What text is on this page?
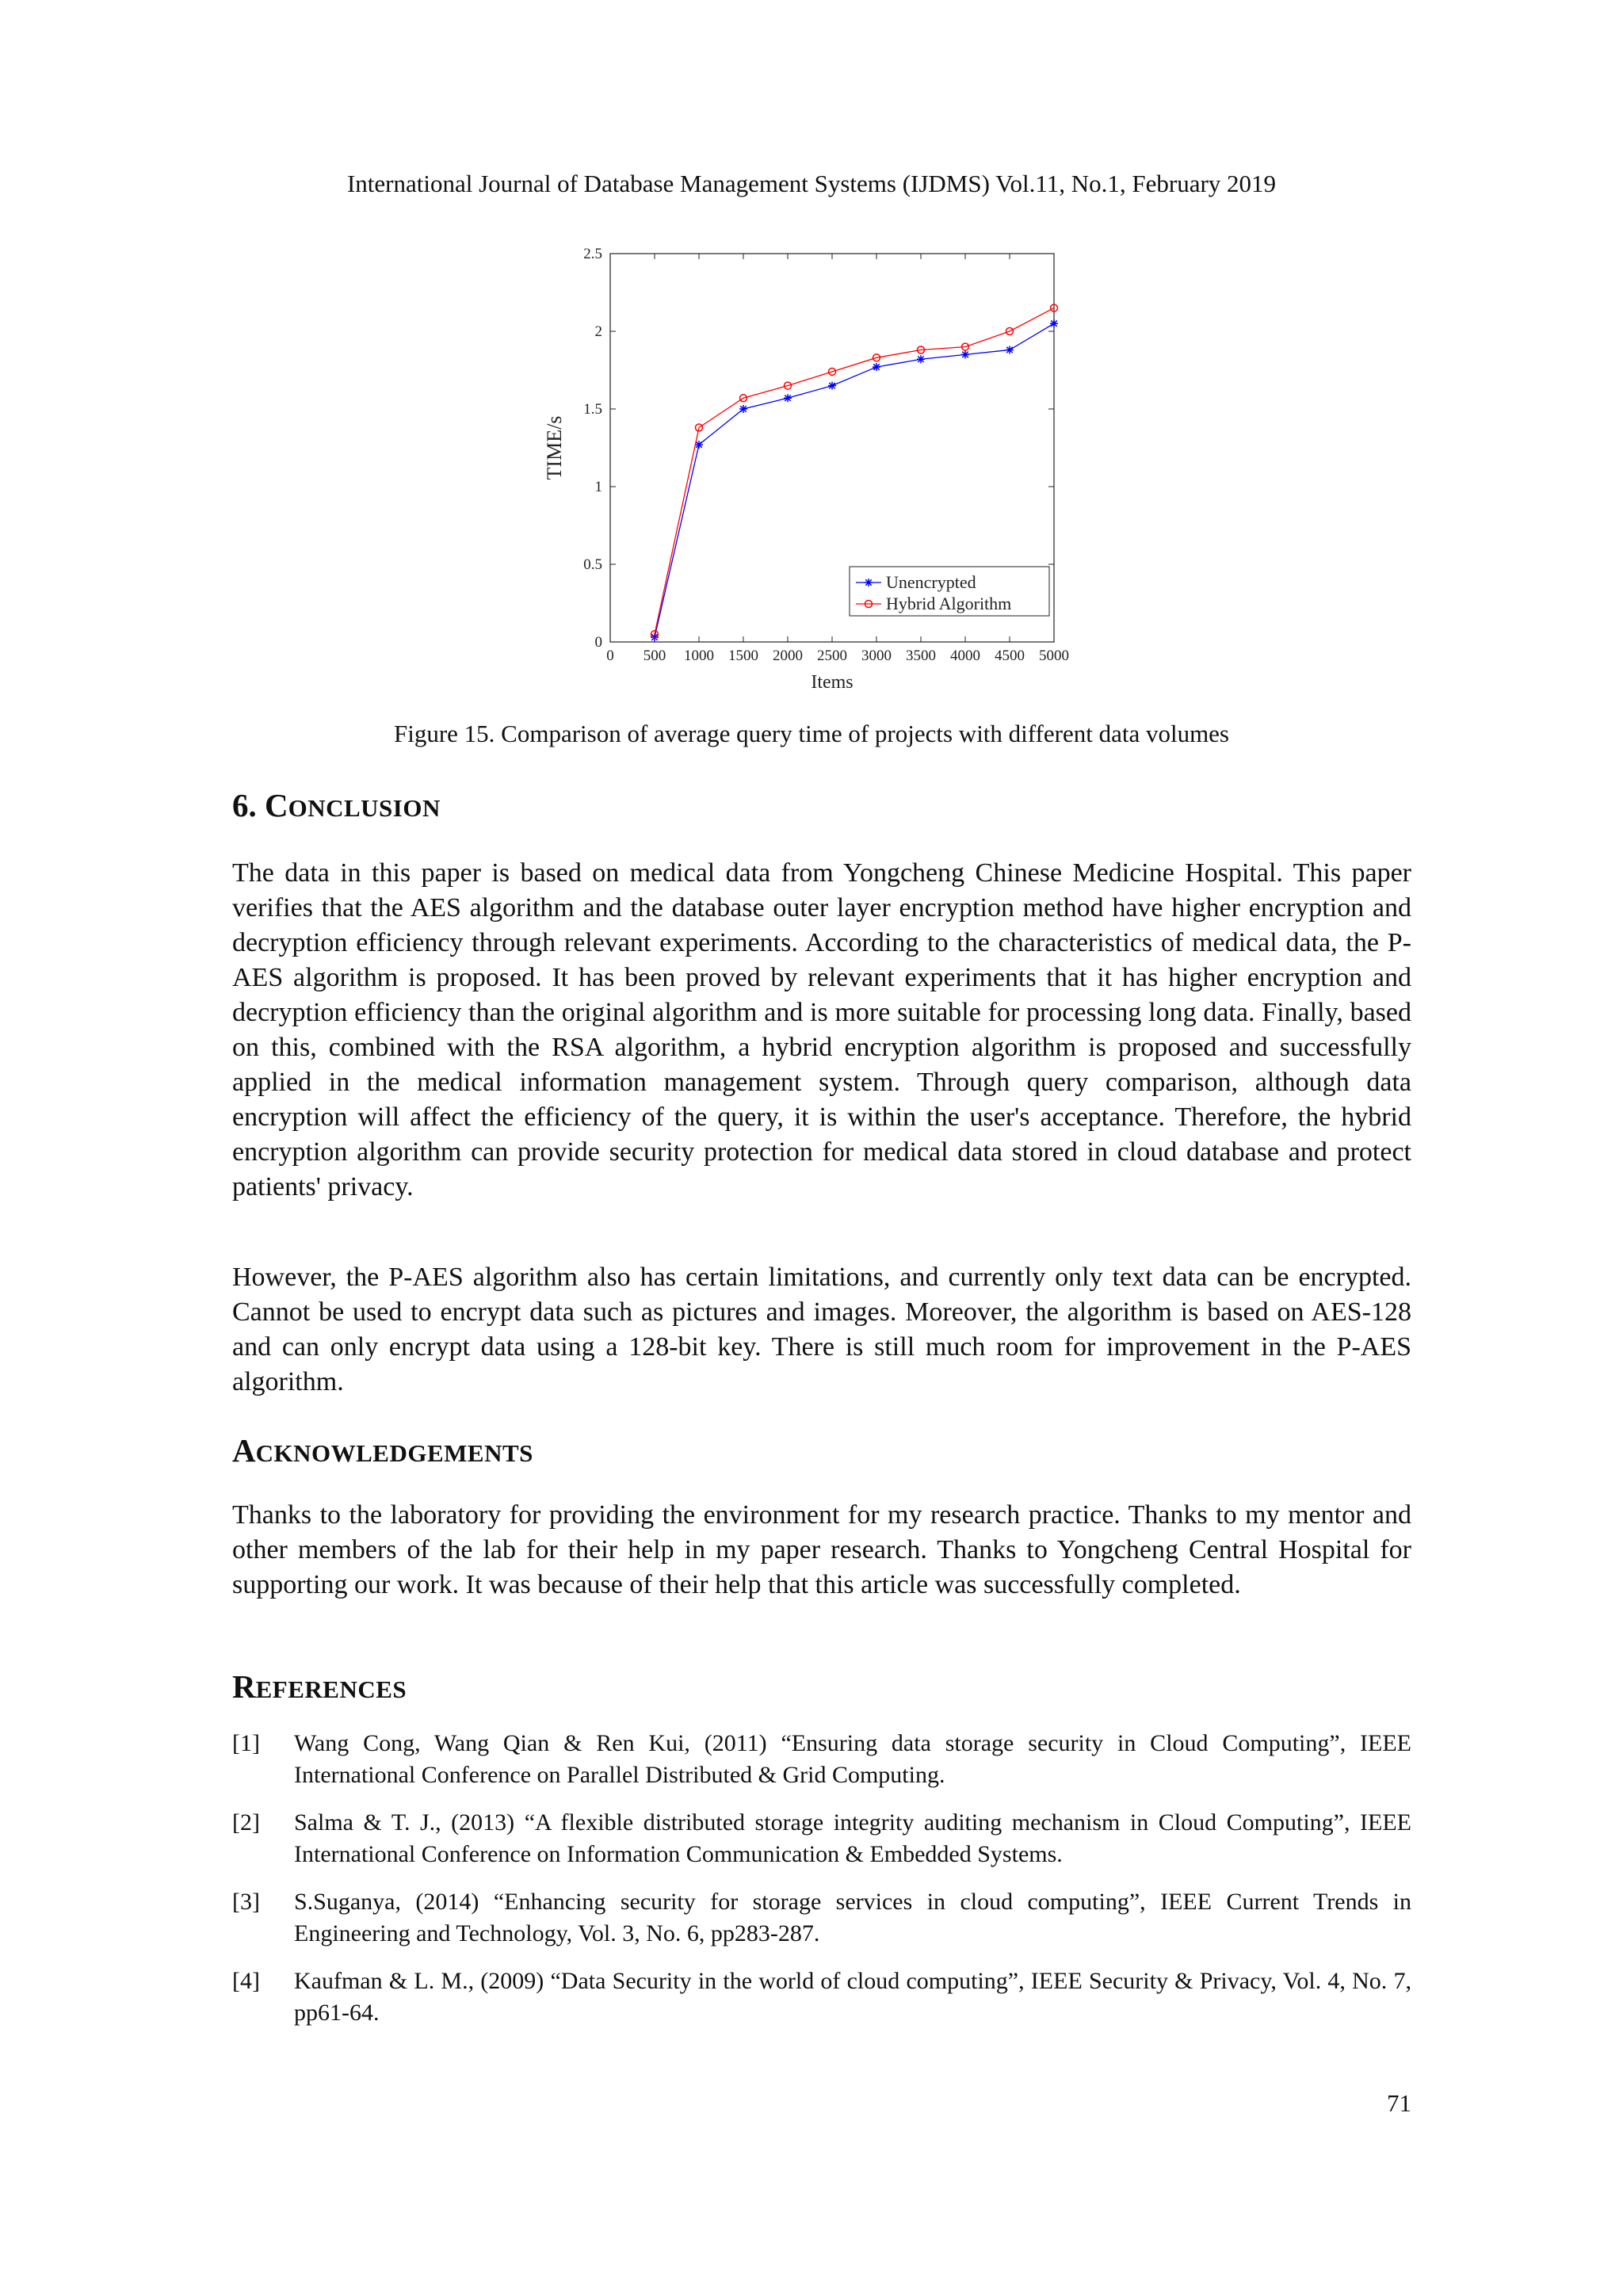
International Journal of Database Management Systems (IJDMS) Vol.11, No.1, February 2019
0
0.5
1
1.5
2
2.5
0 500 1000 1500 2000 2500 3000 3500 4000 4500 5000
Items
TIME/s
Unencrypted
Hybrid Algorithm
Figure 15. Comparison of average query time of projects with different data volumes
6. CONCLUSION
The data in this paper is based on medical data from Yongcheng Chinese Medicine Hospital. This paper verifies that the AES algorithm and the database outer layer encryption method have higher encryption and decryption efficiency through relevant experiments. According to the characteristics of medical data, the P-AES algorithm is proposed. It has been proved by relevant experiments that it has higher encryption and decryption efficiency than the original algorithm and is more suitable for processing long data. Finally, based on this, combined with the RSA algorithm, a hybrid encryption algorithm is proposed and successfully applied in the medical information management system. Through query comparison, although data encryption will affect the efficiency of the query, it is within the user's acceptance. Therefore, the hybrid encryption algorithm can provide security protection for medical data stored in cloud database and protect patients' privacy.
However, the P-AES algorithm also has certain limitations, and currently only text data can be encrypted. Cannot be used to encrypt data such as pictures and images. Moreover, the algorithm is based on AES-128 and can only encrypt data using a 128-bit key. There is still much room for improvement in the P-AES algorithm.
ACKNOWLEDGEMENTS
Thanks to the laboratory for providing the environment for my research practice. Thanks to my mentor and other members of the lab for their help in my paper research. Thanks to Yongcheng Central Hospital for supporting our work. It was because of their help that this article was successfully completed.
REFERENCES
[1]	Wang Cong, Wang Qian & Ren Kui, (2011) “Ensuring data storage security in Cloud Computing”, IEEE International Conference on Parallel Distributed & Grid Computing.
[2]	Salma & T. J., (2013) “A flexible distributed storage integrity auditing mechanism in Cloud Computing”, IEEE International Conference on Information Communication & Embedded Systems.
[3]	S.Suganya, (2014) “Enhancing security for storage services in cloud computing”, IEEE Current Trends in Engineering and Technology, Vol. 3, No. 6, pp283-287.
[4]	Kaufman & L. M., (2009) “Data Security in the world of cloud computing”, IEEE Security & Privacy, Vol. 4, No. 7, pp61-64.
71
